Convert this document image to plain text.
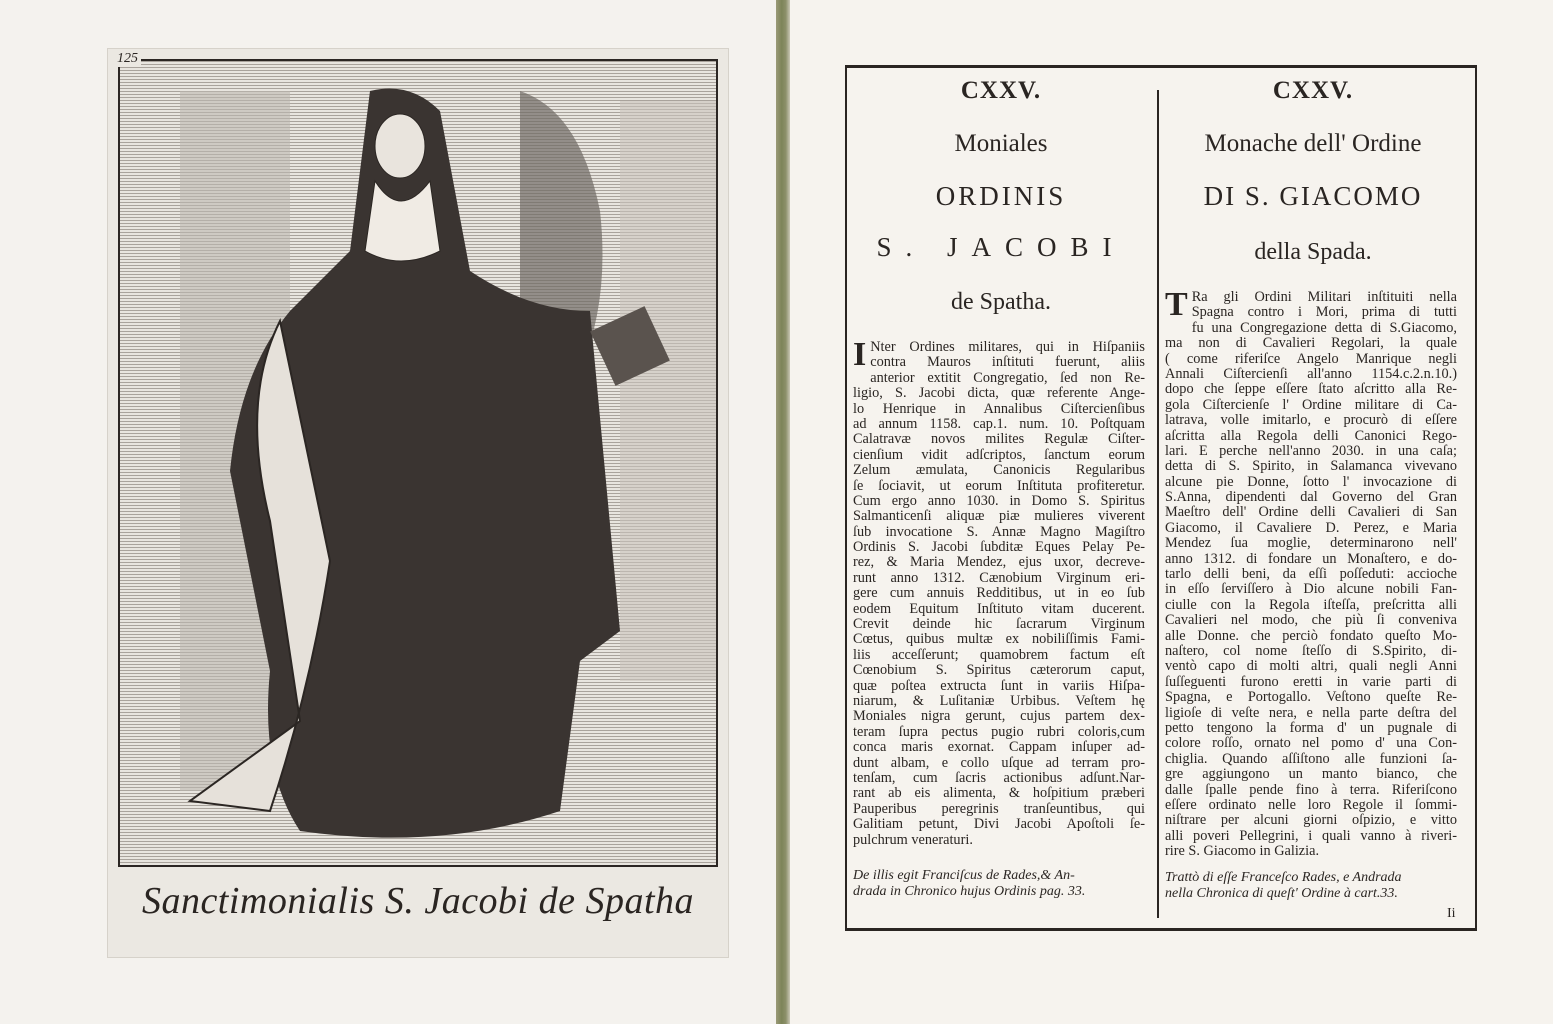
125
Sanctimonialis S. Jacobi de Spatha
CXXV.
Moniales
ORDINIS
S. JACOBI
de Spatha.
I Nter Ordines militares, qui in Hiſpaniis
contra Mauros inſtituti fuerunt, aliis
anterior extitit Congregatio, ſed non Re-
ligio, S. Jacobi dicta, quæ referente Ange-
lo Henrique in Annalibus Ciſtercienſibus
ad annum 1158. cap.1. num. 10. Poſtquam
Calatravæ novos milites Regulæ Ciſter-
cienſium vidit adſcriptos, ſanctum eorum
Zelum æmulata, Canonicis Regularibus
ſe ſociavit, ut eorum Inſtituta profiteretur.
Cum ergo anno 1030. in Domo S. Spiritus
Salmanticenſi aliquæ piæ mulieres viverent
ſub invocatione S. Annæ Magno Magiſtro
Ordinis S. Jacobi ſubditæ Eques Pelay Pe-
rez, & Maria Mendez, ejus uxor, decreve-
runt anno 1312. Cænobium Virginum eri-
gere cum annuis Redditibus, ut in eo ſub
eodem Equitum Inſtituto vitam ducerent.
Crevit deinde hic ſacrarum Virginum
Cœtus, quibus multæ ex nobiliſſimis Fami-
liis acceſſerunt; quamobrem factum eſt
Cœnobium S. Spiritus cæterorum caput,
quæ poſtea extructa ſunt in variis Hiſpa-
niarum, & Luſitaniæ Urbibus. Veſtem hę
Moniales nigra gerunt, cujus partem dex-
teram ſupra pectus pugio rubri coloris,cum
conca maris exornat. Cappam inſuper ad-
dunt albam, e collo uſque ad terram pro-
tenſam, cum ſacris actionibus adſunt.Nar-
rant ab eis alimenta, & hoſpitium præberi
Pauperibus peregrinis tranſeuntibus, qui
Galitiam petunt, Divi Jacobi Apoſtoli ſe-
pulchrum veneraturi.
De illis egit Franciſcus de Rades,& An-
drada in Chronico hujus Ordinis pag. 33.
CXXV.
Monache dell' Ordine
DI S. GIACOMO
della Spada.
T Ra gli Ordini Militari inſtituiti nella
Spagna contro i Mori, prima di tutti
fu una Congregazione detta di S.Giacomo,
ma non di Cavalieri Regolari, la quale
( come riferiſce Angelo Manrique negli
Annali Ciſtercienſi all'anno 1154.c.2.n.10.)
dopo che ſeppe eſſere ſtato aſcritto alla Re-
gola Ciſtercienſe l' Ordine militare di Ca-
latrava, volle imitarlo, e procurò di eſſere
aſcritta alla Regola delli Canonici Rego-
lari. E perche nell'anno 2030. in una caſa;
detta di S. Spirito, in Salamanca vivevano
alcune pie Donne, ſotto l' invocazione di
S.Anna, dipendenti dal Governo del Gran
Maeſtro dell' Ordine delli Cavalieri di San
Giacomo, il Cavaliere D. Perez, e Maria
Mendez ſua moglie, determinarono nell'
anno 1312. di fondare un Monaſtero, e do-
tarlo delli beni, da eſſi poſſeduti: accioche
in eſſo ſerviſſero à Dio alcune nobili Fan-
ciulle con la Regola iſteſſa, preſcritta alli
Cavalieri nel modo, che più ſi conveniva
alle Donne. che perciò fondato queſto Mo-
naſtero, col nome ſteſſo di S.Spirito, di-
ventò capo di molti altri, quali negli Anni
ſuſſeguenti furono eretti in varie parti di
Spagna, e Portogallo. Veſtono queſte Re-
ligioſe di veſte nera, e nella parte deſtra del
petto tengono la forma d' un pugnale di
colore roſſo, ornato nel pomo d' una Con-
chiglia. Quando aſſiſtono alle funzioni ſa-
gre aggiungono un manto bianco, che
dalle ſpalle pende fino à terra. Riferiſcono
eſſere ordinato nelle loro Regole il ſommi-
niſtrare per alcuni giorni oſpizio, e vitto
alli poveri Pellegrini, i quali vanno à riveri-
rire S. Giacomo in Galizia.
Trattò di eſſe Franceſco Rades, e Andrada
nella Chronica di queſt' Ordine à cart.33.
Ii
